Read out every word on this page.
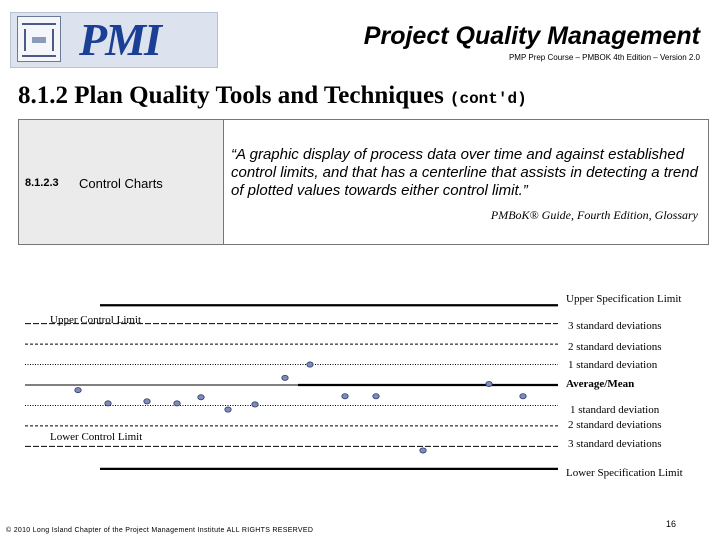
PMI	Project Quality Management
PMP Prep Course – PMBOK 4th Edition – Version 2.0
8.1.2 Plan Quality Tools and Techniques (cont'd)
8.1.2.3 Control Charts
“A graphic display of process data over time and against established control limits, and that has a centerline that assists in detecting a trend of plotted values towards either control limit.”
PMBoK® Guide, Fourth Edition, Glossary
Upper Specification Limit
Upper Control Limit	3 standard deviations
2 standard deviations
1 standard deviation
Average/Mean
1 standard deviation
2 standard deviations
Lower Control Limit
3 standard deviations
Lower Specification Limit
© 2010 Long Island Chapter of the Project Management Institute ALL RIGHTS RESERVED
16
